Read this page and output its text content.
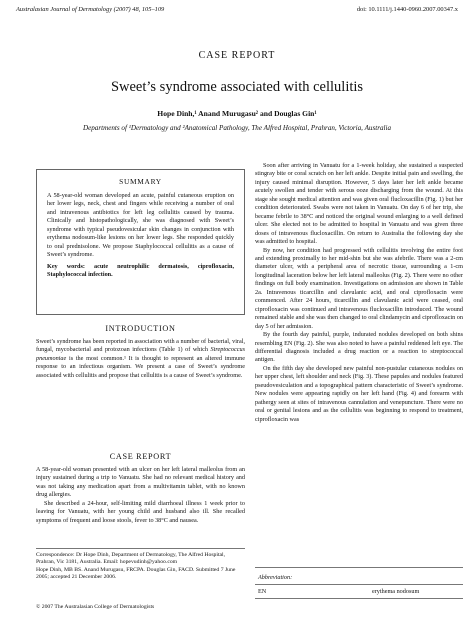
Australasian Journal of Dermatology (2007) 48, 105–109	doi: 10.1111/j.1440-0960.2007.00347.x
CASE REPORT
Sweet’s syndrome associated with cellulitis
Hope Dinh,¹ Anand Murugasu² and Douglas Gin¹
Departments of ¹Dermatology and ²Anatomical Pathology, The Alfred Hospital, Prahran, Victoria, Australia
SUMMARY
A 58-year-old woman developed an acute, painful cutaneous eruption on her lower legs, neck, chest and fingers while receiving a number of oral and intravenous antibiotics for left leg cellulitis caused by trauma. Clinically and histopathologically, she was diagnosed with Sweet’s syndrome with typical pseudovesicular skin changes in conjunction with erythema nodosum-like lesions on her lower legs. She responded quickly to oral prednisolone. We propose Staphylococcal cellulitis as a cause of Sweet’s syndrome.
Key words: acute neutrophilic dermatosis, ciprofloxacin, Staphylococcal infection.
INTRODUCTION

Sweet’s syndrome has been reported in association with a number of bacterial, viral, fungal, mycobacterial and protozoan infections (Table 1) of which Streptococcus pneumoniae is the most common.¹ It is thought to represent an altered immune response to an infectious organism. We present a case of Sweet’s syndrome associated with cellulitis and propose that cellulitis is a cause of Sweet’s syndrome.

CASE REPORT

A 58-year-old woman presented with an ulcer on her left lateral malleolus from an injury sustained during a trip to Vanuatu. She had no relevant medical history and was not taking any medication apart from a multivitamin tablet, with no known drug allergies.

She described a 24-hour, self-limiting mild diarrhoeal illness 1 week prior to leaving for Vanuatu, with her young child and husband also ill. She recalled symptoms of frequent and loose stools, fever to 38°C and nausea.

Correspondence: Dr Hope Dinh, Department of Dermatology, The Alfred Hospital, Prahran, Vic 3181, Australia. Email: hopevudinh@yahoo.com
Hope Dinh, MB BS. Anand Murugasu, FRCPA. Douglas Gin, FACD. Submitted 7 June 2005; accepted 21 December 2006.
© 2007 The Australasian College of Dermatologists

Soon after arriving in Vanuatu for a 1-week holiday, she sustained a suspected stingray bite or coral scratch on her left ankle. Despite initial pain and swelling, the injury caused minimal disruption. However, 5 days later her left ankle became acutely swollen and tender with serous ooze discharging from the wound. At this stage she sought medical attention and was given oral flucloxacillin (Fig. 1) but her condition deteriorated. Swabs were not taken in Vanuatu. On day 6 of her trip, she became febrile to 38°C and noticed the original wound enlarging to a well defined ulcer. She elected not to be admitted to hospital in Vanuatu and was given three doses of intravenous flucloxacillin. On return to Australia the following day she was admitted to hospital.

By now, her condition had progressed with cellulitis involving the entire foot and extending proximally to her mid-shin but she was afebrile. There was a 2-cm diameter ulcer, with a peripheral area of necrotic tissue, surrounding a 1-cm longitudinal laceration below her left lateral malleolus (Fig. 2). There were no other findings on full body examination. Investigations on admission are shown in Table 2a. Intravenous ticarcillin and clavulanic acid, and oral ciprofloxacin were commenced. After 24 hours, ticarcillin and clavulanic acid were ceased, oral ciprofloxacin was continued and intravenous flucloxacillin introduced. The wound remained stable and she was then changed to oral clindamycin and ciprofloxacin on day 5 of her admission.

By the fourth day painful, purple, indurated nodules developed on both shins resembling EN (Fig. 2). She was also noted to have a painful reddened left eye. The differential diagnosis included a drug reaction or a reaction to streptococcal antigen.

On the fifth day she developed new painful non-pustular cutaneous nodules on her upper chest, left shoulder and neck (Fig. 3). These papules and nodules featured pseudovesiculation and a topographical pattern characteristic of Sweet’s syndrome. New nodules were appearing rapidly on her left hand (Fig. 4) and forearm with pathergy seen at sites of intravenous cannulation and venepuncture. There were no oral or genital lesions and as the cellulitis was beginning to respond to treatment, ciprofloxacin was

Abbreviation:
EN	erythema nodosum
